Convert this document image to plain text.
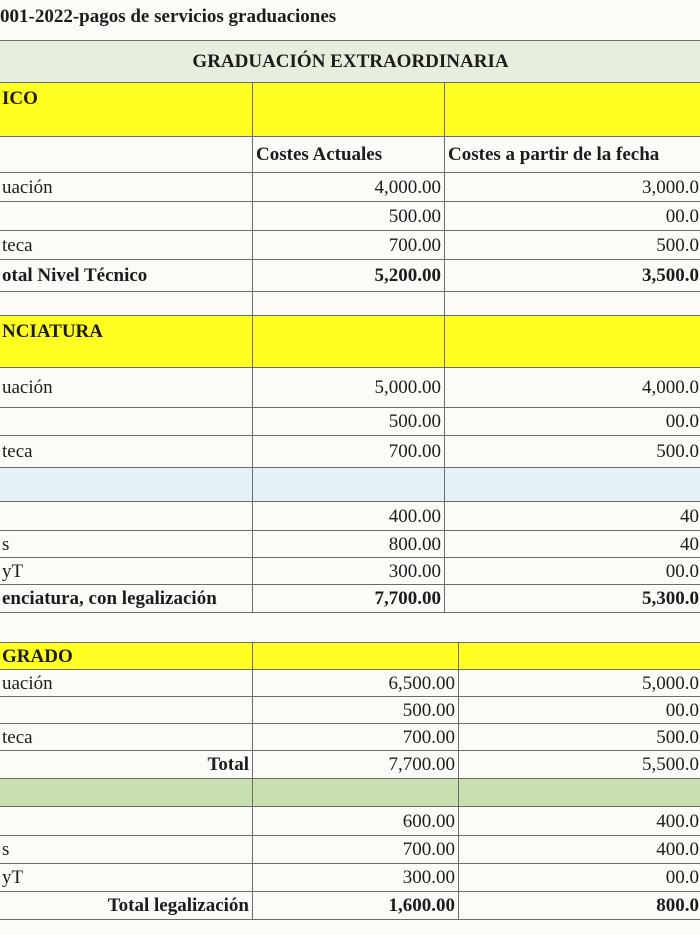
001-2022-pagos de servicios graduaciones
GRADUACIÓN EXTRAORDINARIA		
ICO		
	Costes Actuales	Costes a partir de la fecha
uación	4,000.00	3,000.0
	500.00	00.0
teca	700.00	500.0
otal Nivel Técnico	5,200.00	3,500.0

NCIATURA		
uación	5,000.00	4,000.0
	500.00	00.0
teca	700.00	500.0

	400.00	40
s	800.00	40
yT	300.00	00.0
enciatura, con legalización	7,700.00	5,300.0
GRADO		
uación	6,500.00	5,000.0
	500.00	00.0
teca	700.00	500.0
Total	7,700.00	5,500.0

	600.00	400.0
s	700.00	400.0
yT	300.00	00.0
Total legalización	1,600.00	800.0
